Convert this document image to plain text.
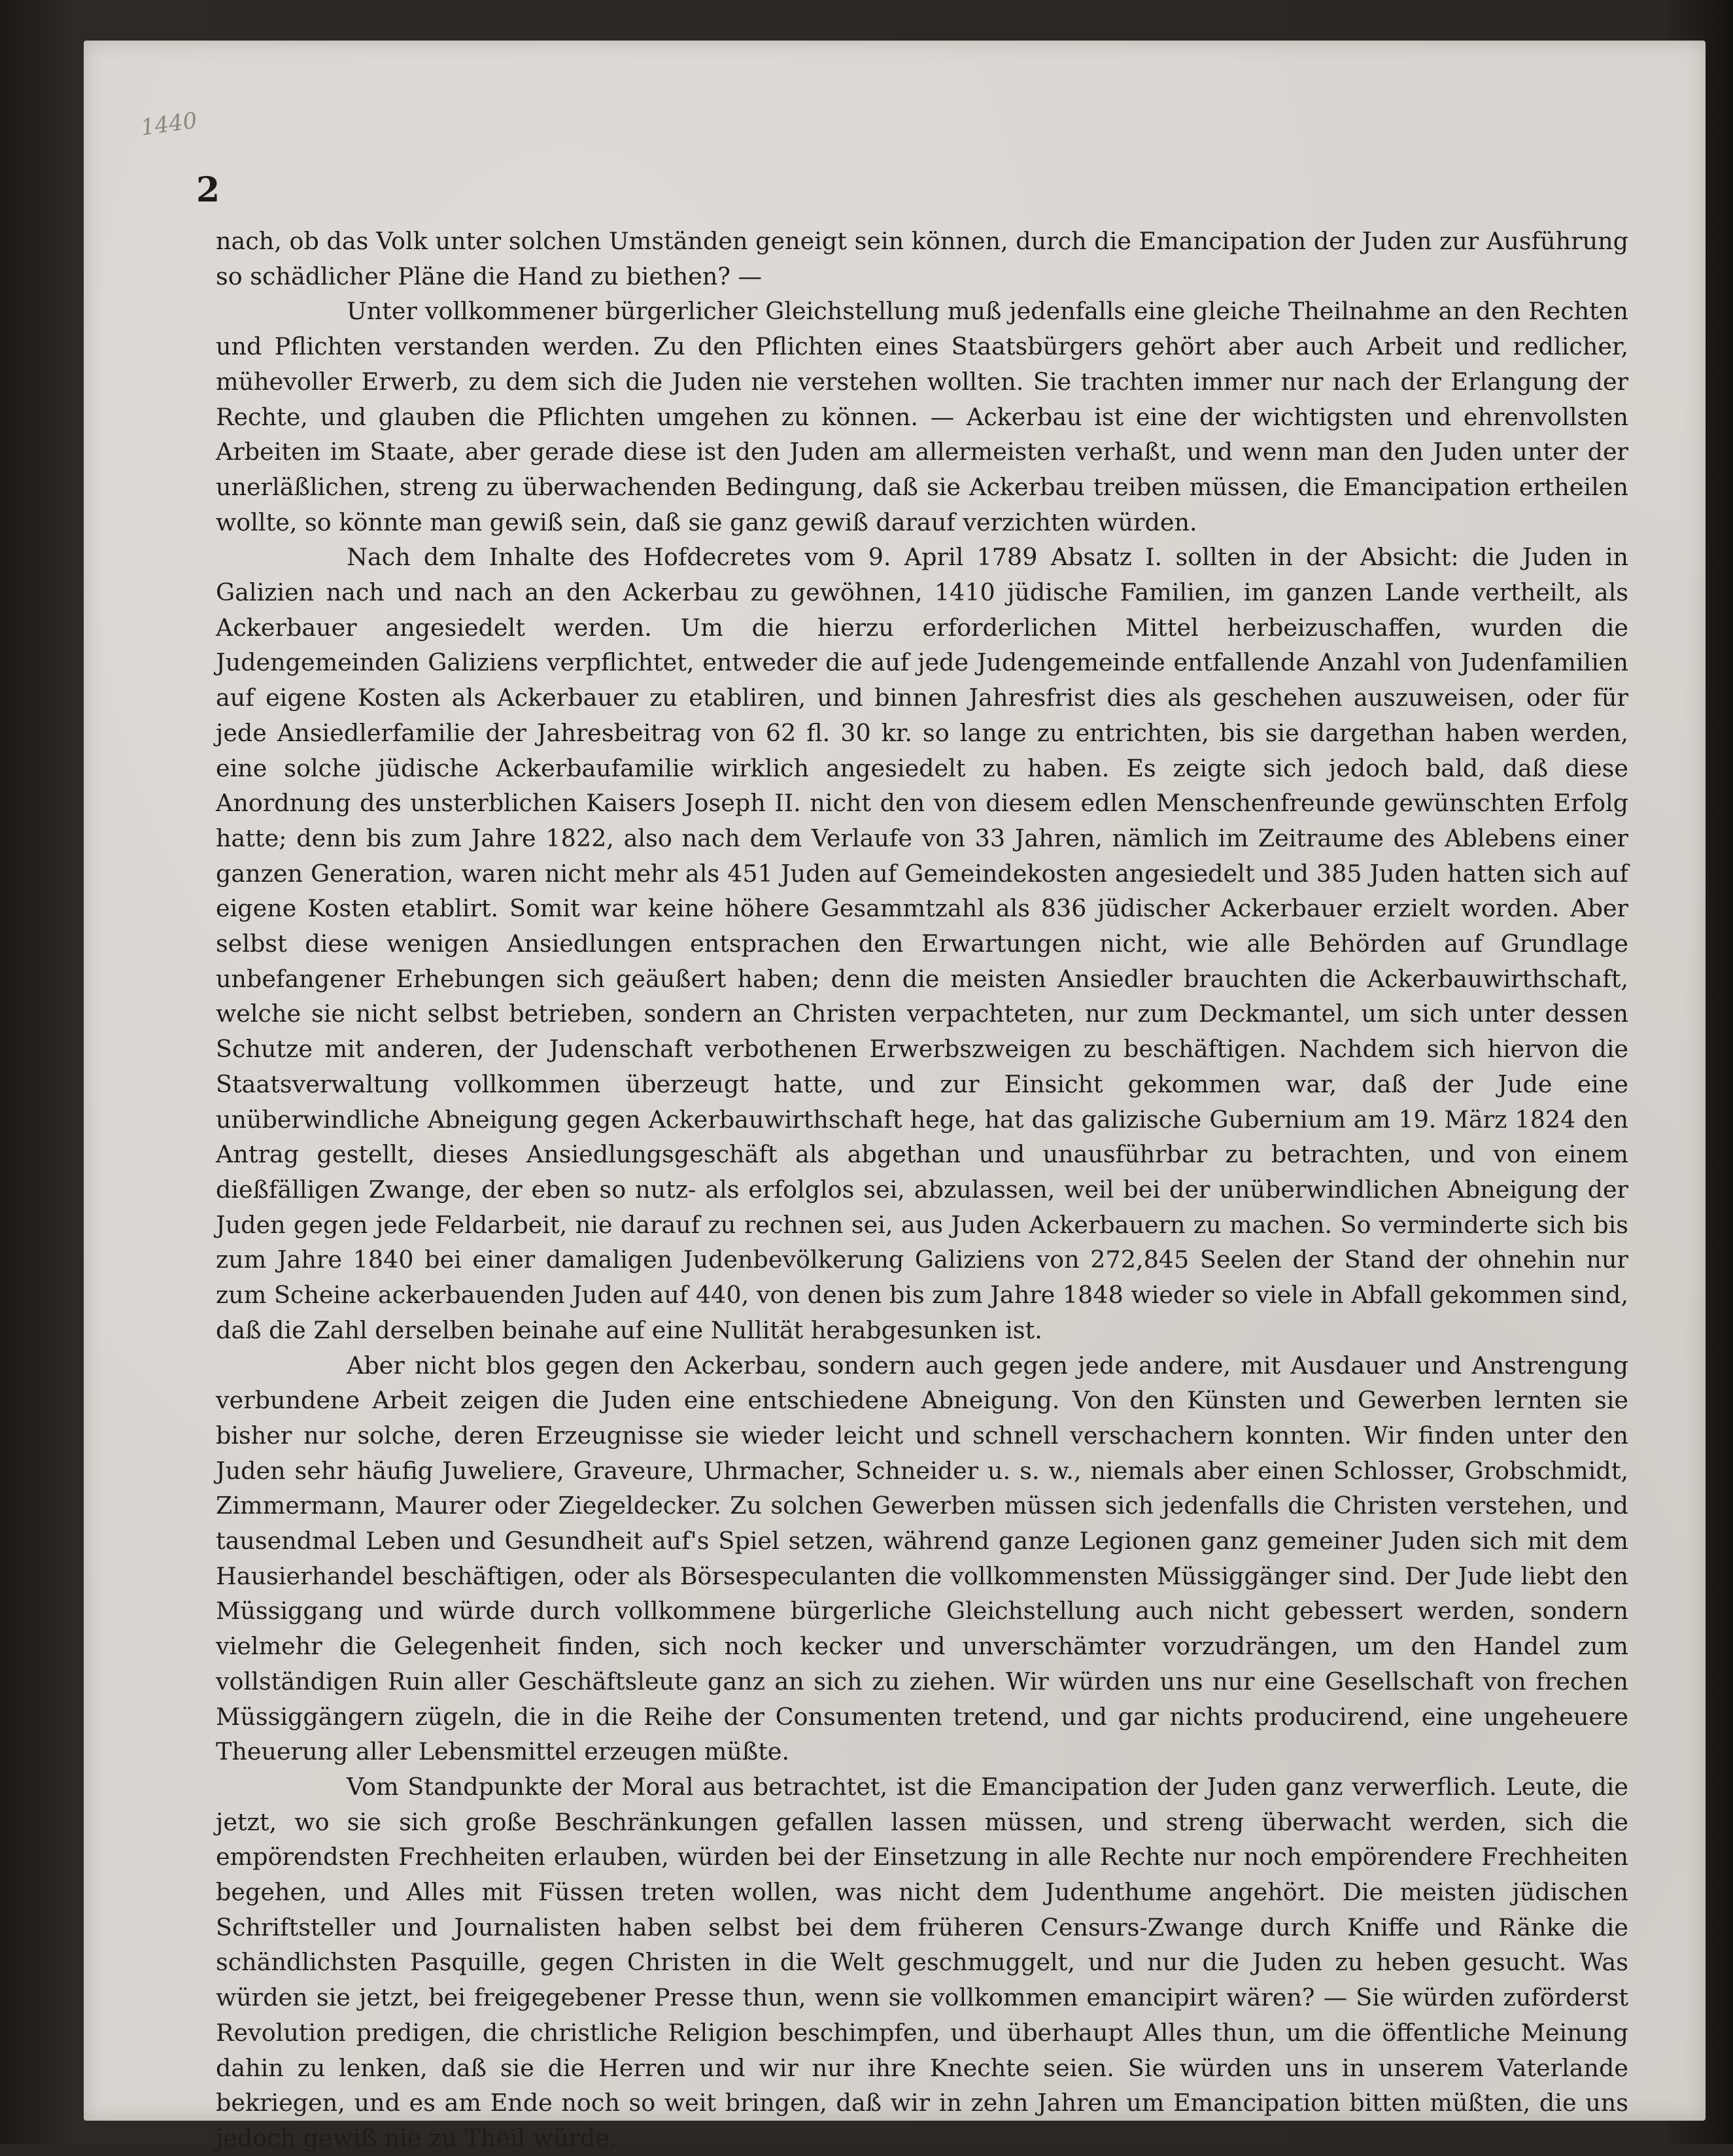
1440
2

nach, ob das Volk unter solchen Umständen geneigt sein können, durch die Emancipation der Juden zur Ausführung so schädlicher Pläne die Hand zu biethen? —

Unter vollkommener bürgerlicher Gleichstellung muß jedenfalls eine gleiche Theilnahme an den Rechten und Pflichten verstanden werden. Zu den Pflichten eines Staatsbürgers gehört aber auch Arbeit und redlicher, mühevoller Erwerb, zu dem sich die Juden nie verstehen wollten. Sie trachten immer nur nach der Erlangung der Rechte, und glauben die Pflichten umgehen zu können. — Ackerbau ist eine der wichtigsten und ehrenvollsten Arbeiten im Staate, aber gerade diese ist den Juden am allermeisten verhaßt, und wenn man den Juden unter der unerläßlichen, streng zu überwachenden Bedingung, daß sie Ackerbau treiben müssen, die Emancipation ertheilen wollte, so könnte man gewiß sein, daß sie ganz gewiß darauf verzichten würden.

Nach dem Inhalte des Hofdecretes vom 9. April 1789 Absatz I. sollten in der Absicht: die Juden in Galizien nach und nach an den Ackerbau zu gewöhnen, 1410 jüdische Familien, im ganzen Lande vertheilt, als Ackerbauer angesiedelt werden. Um die hierzu erforderlichen Mittel herbeizuschaffen, wurden die Judengemeinden Galiziens verpflichtet, entweder die auf jede Judengemeinde entfallende Anzahl von Judenfamilien auf eigene Kosten als Ackerbauer zu etabliren, und binnen Jahresfrist dies als geschehen auszuweisen, oder für jede Ansiedlerfamilie der Jahresbeitrag von 62 fl. 30 kr. so lange zu entrichten, bis sie dargethan haben werden, eine solche jüdische Ackerbaufamilie wirklich angesiedelt zu haben. Es zeigte sich jedoch bald, daß diese Anordnung des unsterblichen Kaisers Joseph II. nicht den von diesem edlen Menschenfreunde gewünschten Erfolg hatte; denn bis zum Jahre 1822, also nach dem Verlaufe von 33 Jahren, nämlich im Zeitraume des Ablebens einer ganzen Generation, waren nicht mehr als 451 Juden auf Gemeindekosten angesiedelt und 385 Juden hatten sich auf eigene Kosten etablirt. Somit war keine höhere Gesammtzahl als 836 jüdischer Ackerbauer erzielt worden. Aber selbst diese wenigen Ansiedlungen entsprachen den Erwartungen nicht, wie alle Behörden auf Grundlage unbefangener Erhebungen sich geäußert haben; denn die meisten Ansiedler brauchten die Ackerbauwirthschaft, welche sie nicht selbst betrieben, sondern an Christen verpachteten, nur zum Deckmantel, um sich unter dessen Schutze mit anderen, der Judenschaft verbothenen Erwerbszweigen zu beschäftigen. Nachdem sich hiervon die Staatsverwaltung vollkommen überzeugt hatte, und zur Einsicht gekommen war, daß der Jude eine unüberwindliche Abneigung gegen Ackerbauwirthschaft hege, hat das galizische Gubernium am 19. März 1824 den Antrag gestellt, dieses Ansiedlungsgeschäft als abgethan und unausführbar zu betrachten, und von einem dießfälligen Zwange, der eben so nutz- als erfolglos sei, abzulassen, weil bei der unüberwindlichen Abneigung der Juden gegen jede Feldarbeit, nie darauf zu rechnen sei, aus Juden Ackerbauern zu machen. So verminderte sich bis zum Jahre 1840 bei einer damaligen Judenbevölkerung Galiziens von 272,845 Seelen der Stand der ohnehin nur zum Scheine ackerbauenden Juden auf 440, von denen bis zum Jahre 1848 wieder so viele in Abfall gekommen sind, daß die Zahl derselben beinahe auf eine Nullität herabgesunken ist.

Aber nicht blos gegen den Ackerbau, sondern auch gegen jede andere, mit Ausdauer und Anstrengung verbundene Arbeit zeigen die Juden eine entschiedene Abneigung. Von den Künsten und Gewerben lernten sie bisher nur solche, deren Erzeugnisse sie wieder leicht und schnell verschachern konnten. Wir finden unter den Juden sehr häufig Juweliere, Graveure, Uhrmacher, Schneider u. s. w., niemals aber einen Schlosser, Grobschmidt, Zimmermann, Maurer oder Ziegeldecker. Zu solchen Gewerben müssen sich jedenfalls die Christen verstehen, und tausendmal Leben und Gesundheit auf's Spiel setzen, während ganze Legionen ganz gemeiner Juden sich mit dem Hausierhandel beschäftigen, oder als Börsespeculanten die vollkommensten Müssiggänger sind. Der Jude liebt den Müssiggang und würde durch vollkommene bürgerliche Gleichstellung auch nicht gebessert werden, sondern vielmehr die Gelegenheit finden, sich noch kecker und unverschämter vorzudrängen, um den Handel zum vollständigen Ruin aller Geschäftsleute ganz an sich zu ziehen. Wir würden uns nur eine Gesellschaft von frechen Müssiggängern zügeln, die in die Reihe der Consumenten tretend, und gar nichts producirend, eine ungeheuere Theuerung aller Lebensmittel erzeugen müßte.

Vom Standpunkte der Moral aus betrachtet, ist die Emancipation der Juden ganz verwerflich. Leute, die jetzt, wo sie sich große Beschränkungen gefallen lassen müssen, und streng überwacht werden, sich die empörendsten Frechheiten erlauben, würden bei der Einsetzung in alle Rechte nur noch empörendere Frechheiten begehen, und Alles mit Füssen treten wollen, was nicht dem Judenthume angehört. Die meisten jüdischen Schriftsteller und Journalisten haben selbst bei dem früheren Censurs-Zwange durch Kniffe und Ränke die schändlichsten Pasquille, gegen Christen in die Welt geschmuggelt, und nur die Juden zu heben gesucht. Was würden sie jetzt, bei freigegebener Presse thun, wenn sie vollkommen emancipirt wären? — Sie würden zuförderst Revolution predigen, die christliche Religion beschimpfen, und überhaupt Alles thun, um die öffentliche Meinung dahin zu lenken, daß sie die Herren und wir nur ihre Knechte seien. Sie würden uns in unserem Vaterlande bekriegen, und es am Ende noch so weit bringen, daß wir in zehn Jahren um Emancipation bitten müßten, die uns jedoch gewiß nie zu Theil würde.
